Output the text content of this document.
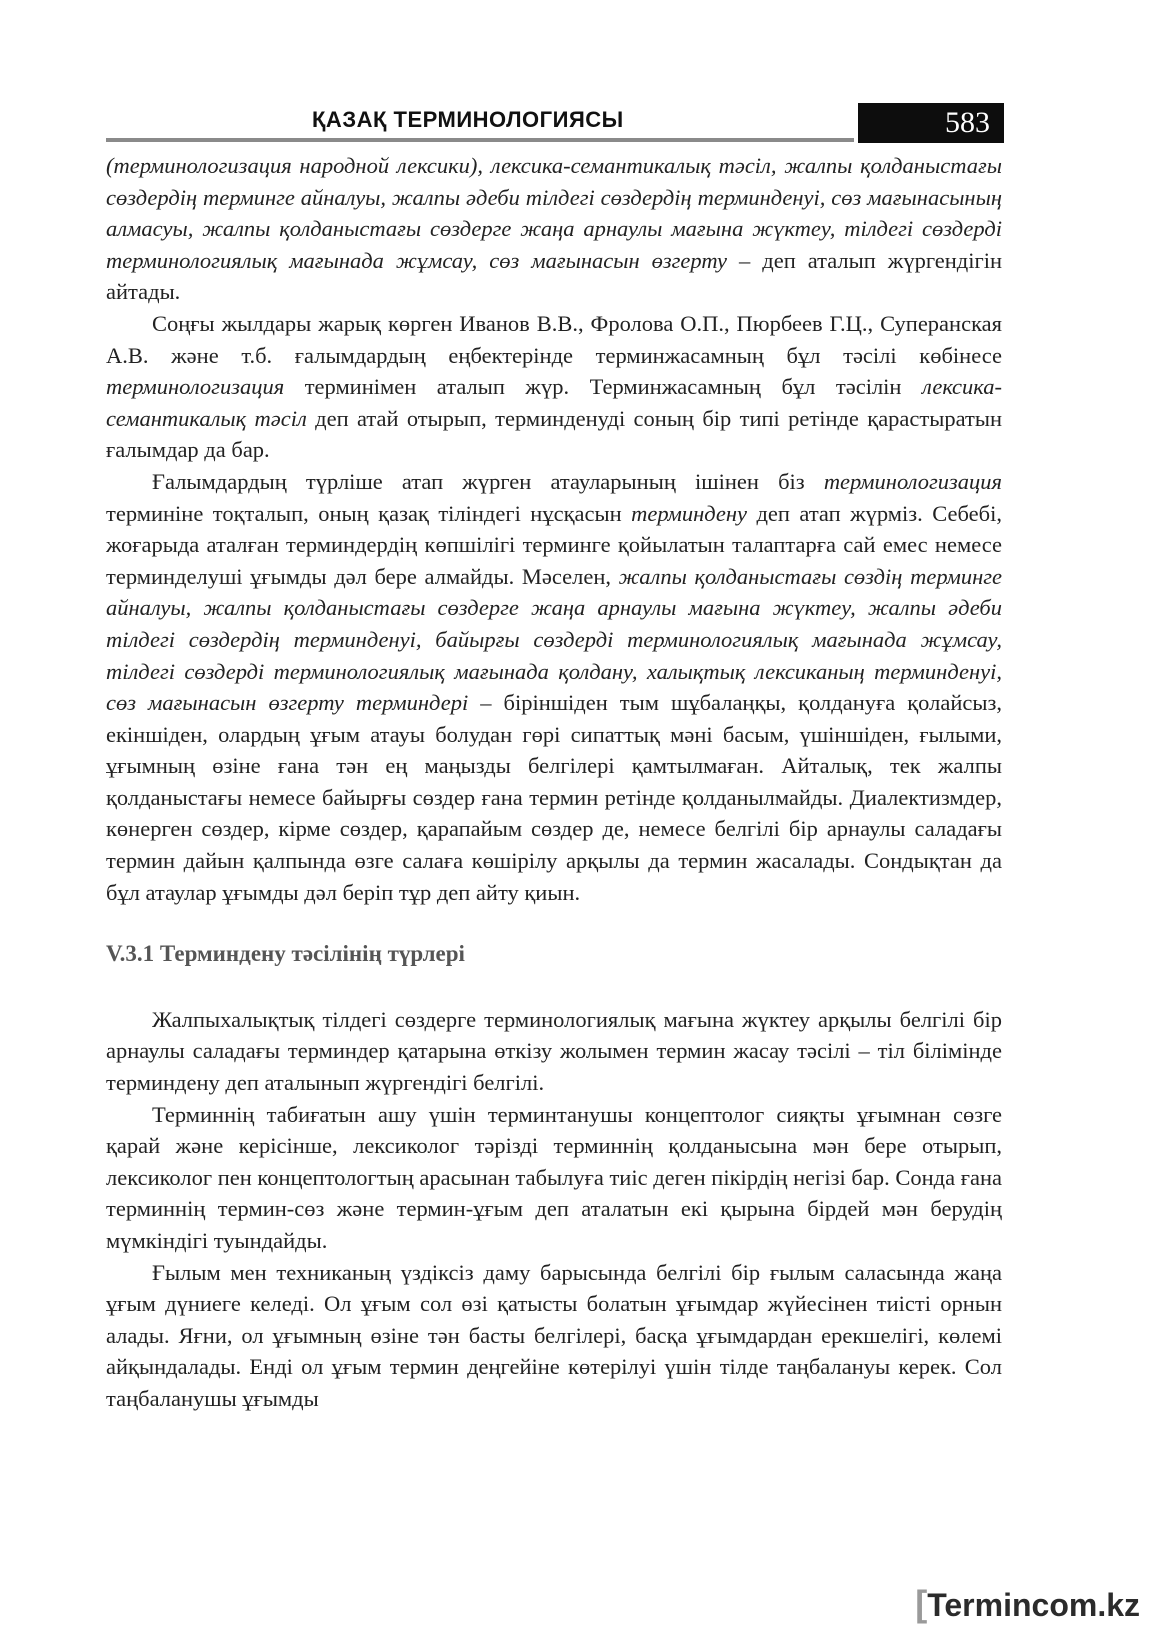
ҚАЗАҚ ТЕРМИНОЛОГИЯСЫ	583

(терминологизация народной лексики), лексика-семантикалық тәсіл, жалпы қолданыстағы сөздердің терминге айналуы, жалпы әдеби тілдегі сөздердің терминденуі, сөз мағынасының алмасуы, жалпы қолданыстағы сөздерге жаңа арнаулы мағына жүктеу, тілдегі сөздерді терминологиялық мағынада жұмсау, сөз мағынасын өзгерту – деп аталып жүргендігін айтады.

Соңғы жылдары жарық көрген Иванов В.В., Фролова О.П., Пюрбеев Г.Ц., Суперанская А.В. және т.б. ғалымдардың еңбектерінде терминжасамның бұл тәсілі көбінесе терминологизация терминімен аталып жүр. Терминжасамның бұл тәсілін лексика-семантикалық тәсіл деп атай отырып, терминденуді соның бір типі ретінде қарастыратын ғалымдар да бар.

Ғалымдардың түрліше атап жүрген атауларының ішінен біз терминологизация терминіне тоқталып, оның қазақ тіліндегі нұсқасын терминдену деп атап жүрміз. Себебі, жоғарыда аталған терминдердің көпшілігі терминге қойылатын талаптарға сай емес немесе терминделуші ұғымды дәл бере алмайды. Мәселен, жалпы қолданыстағы сөздің терминге айналуы, жалпы қолданыстағы сөздерге жаңа арнаулы мағына жүктеу, жалпы әдеби тілдегі сөздердің терминденуі, байырғы сөздерді терминологиялық мағынада жұмсау, тілдегі сөздерді терминологиялық мағынада қолдану, халықтық лексиканың терминденуі, сөз мағынасын өзгерту терминдері – біріншіден тым шұбалаңқы, қолдануға қолайсыз, екіншіден, олардың ұғым атауы болудан гөрі сипаттық мәні басым, үшіншіден, ғылыми, ұғымның өзіне ғана тән ең маңызды белгілері қамтылмаған. Айталық, тек жалпы қолданыстағы немесе байырғы сөздер ғана термин ретінде қолданылмайды. Диалектизмдер, көнерген сөздер, кірме сөздер, қарапайым сөздер де, немесе белгілі бір арнаулы саладағы термин дайын қалпында өзге салаға көшірілу арқылы да термин жасалады. Сондықтан да бұл атаулар ұғымды дәл беріп тұр деп айту қиын.

V.3.1 Терминдену тәсілінің түрлері

Жалпыхалықтық тілдегі сөздерге терминологиялық мағына жүктеу арқылы белгілі бір арнаулы саладағы терминдер қатарына өткізу жолымен термин жасау тәсілі – тіл білімінде терминдену деп аталынып жүргендігі белгілі.

Терминнің табиғатын ашу үшін терминтанушы концептолог сияқты ұғымнан сөзге қарай және керісінше, лексиколог тәрізді терминнің қолданысына мән бере отырып, лексиколог пен концептологтың арасынан табылуға тиіс деген пікірдің негізі бар. Сонда ғана терминнің термин-сөз және термин-ұғым деп аталатын екі қырына бірдей мән берудің мүмкіндігі туындайды.

Ғылым мен техниканың үздіксіз даму барысында белгілі бір ғылым саласында жаңа ұғым дүниеге келеді. Ол ұғым сол өзі қатысты болатын ұғымдар жүйесінен тиісті орнын алады. Яғни, ол ұғымның өзіне тән басты белгілері, басқа ұғымдардан ерекшелігі, көлемі айқындалады. Енді ол ұғым термин деңгейіне көтерілуі үшін тілде таңбалануы керек. Сол таңбаланушы ұғымды

[Termincom.kz
